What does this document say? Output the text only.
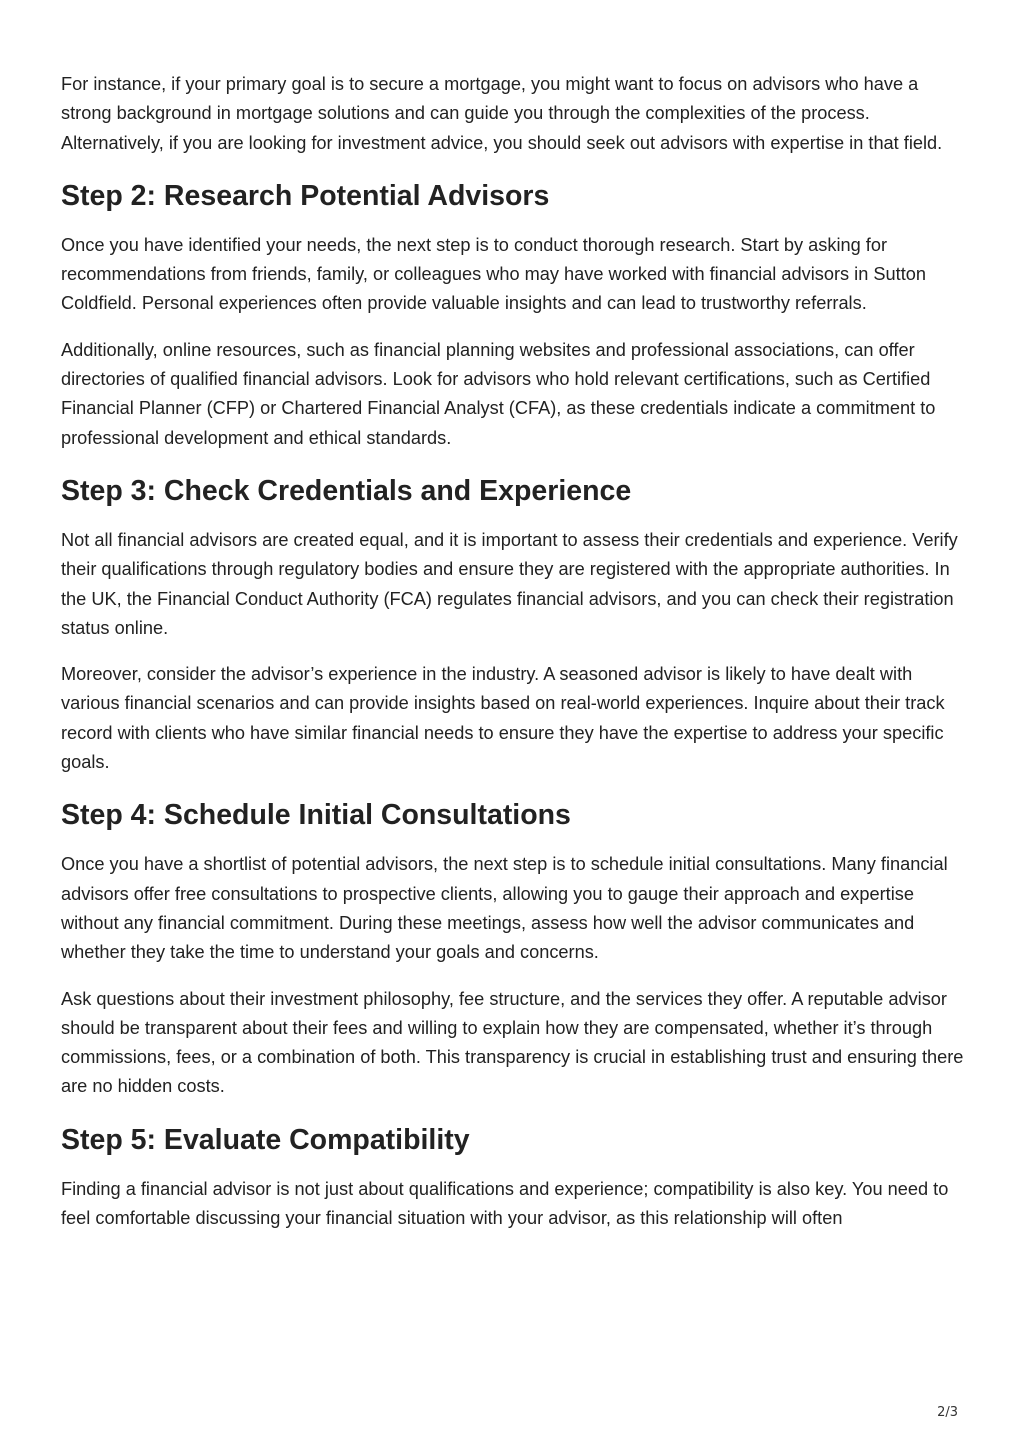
For instance, if your primary goal is to secure a mortgage, you might want to focus on advisors who have a strong background in mortgage solutions and can guide you through the complexities of the process. Alternatively, if you are looking for investment advice, you should seek out advisors with expertise in that field.

Step 2: Research Potential Advisors

Once you have identified your needs, the next step is to conduct thorough research. Start by asking for recommendations from friends, family, or colleagues who may have worked with financial advisors in Sutton Coldfield. Personal experiences often provide valuable insights and can lead to trustworthy referrals.

Additionally, online resources, such as financial planning websites and professional associations, can offer directories of qualified financial advisors. Look for advisors who hold relevant certifications, such as Certified Financial Planner (CFP) or Chartered Financial Analyst (CFA), as these credentials indicate a commitment to professional development and ethical standards.

Step 3: Check Credentials and Experience

Not all financial advisors are created equal, and it is important to assess their credentials and experience. Verify their qualifications through regulatory bodies and ensure they are registered with the appropriate authorities. In the UK, the Financial Conduct Authority (FCA) regulates financial advisors, and you can check their registration status online.

Moreover, consider the advisor’s experience in the industry. A seasoned advisor is likely to have dealt with various financial scenarios and can provide insights based on real-world experiences. Inquire about their track record with clients who have similar financial needs to ensure they have the expertise to address your specific goals.

Step 4: Schedule Initial Consultations

Once you have a shortlist of potential advisors, the next step is to schedule initial consultations. Many financial advisors offer free consultations to prospective clients, allowing you to gauge their approach and expertise without any financial commitment. During these meetings, assess how well the advisor communicates and whether they take the time to understand your goals and concerns.

Ask questions about their investment philosophy, fee structure, and the services they offer. A reputable advisor should be transparent about their fees and willing to explain how they are compensated, whether it’s through commissions, fees, or a combination of both. This transparency is crucial in establishing trust and ensuring there are no hidden costs.

Step 5: Evaluate Compatibility

Finding a financial advisor is not just about qualifications and experience; compatibility is also key. You need to feel comfortable discussing your financial situation with your advisor, as this relationship will often

2/3
